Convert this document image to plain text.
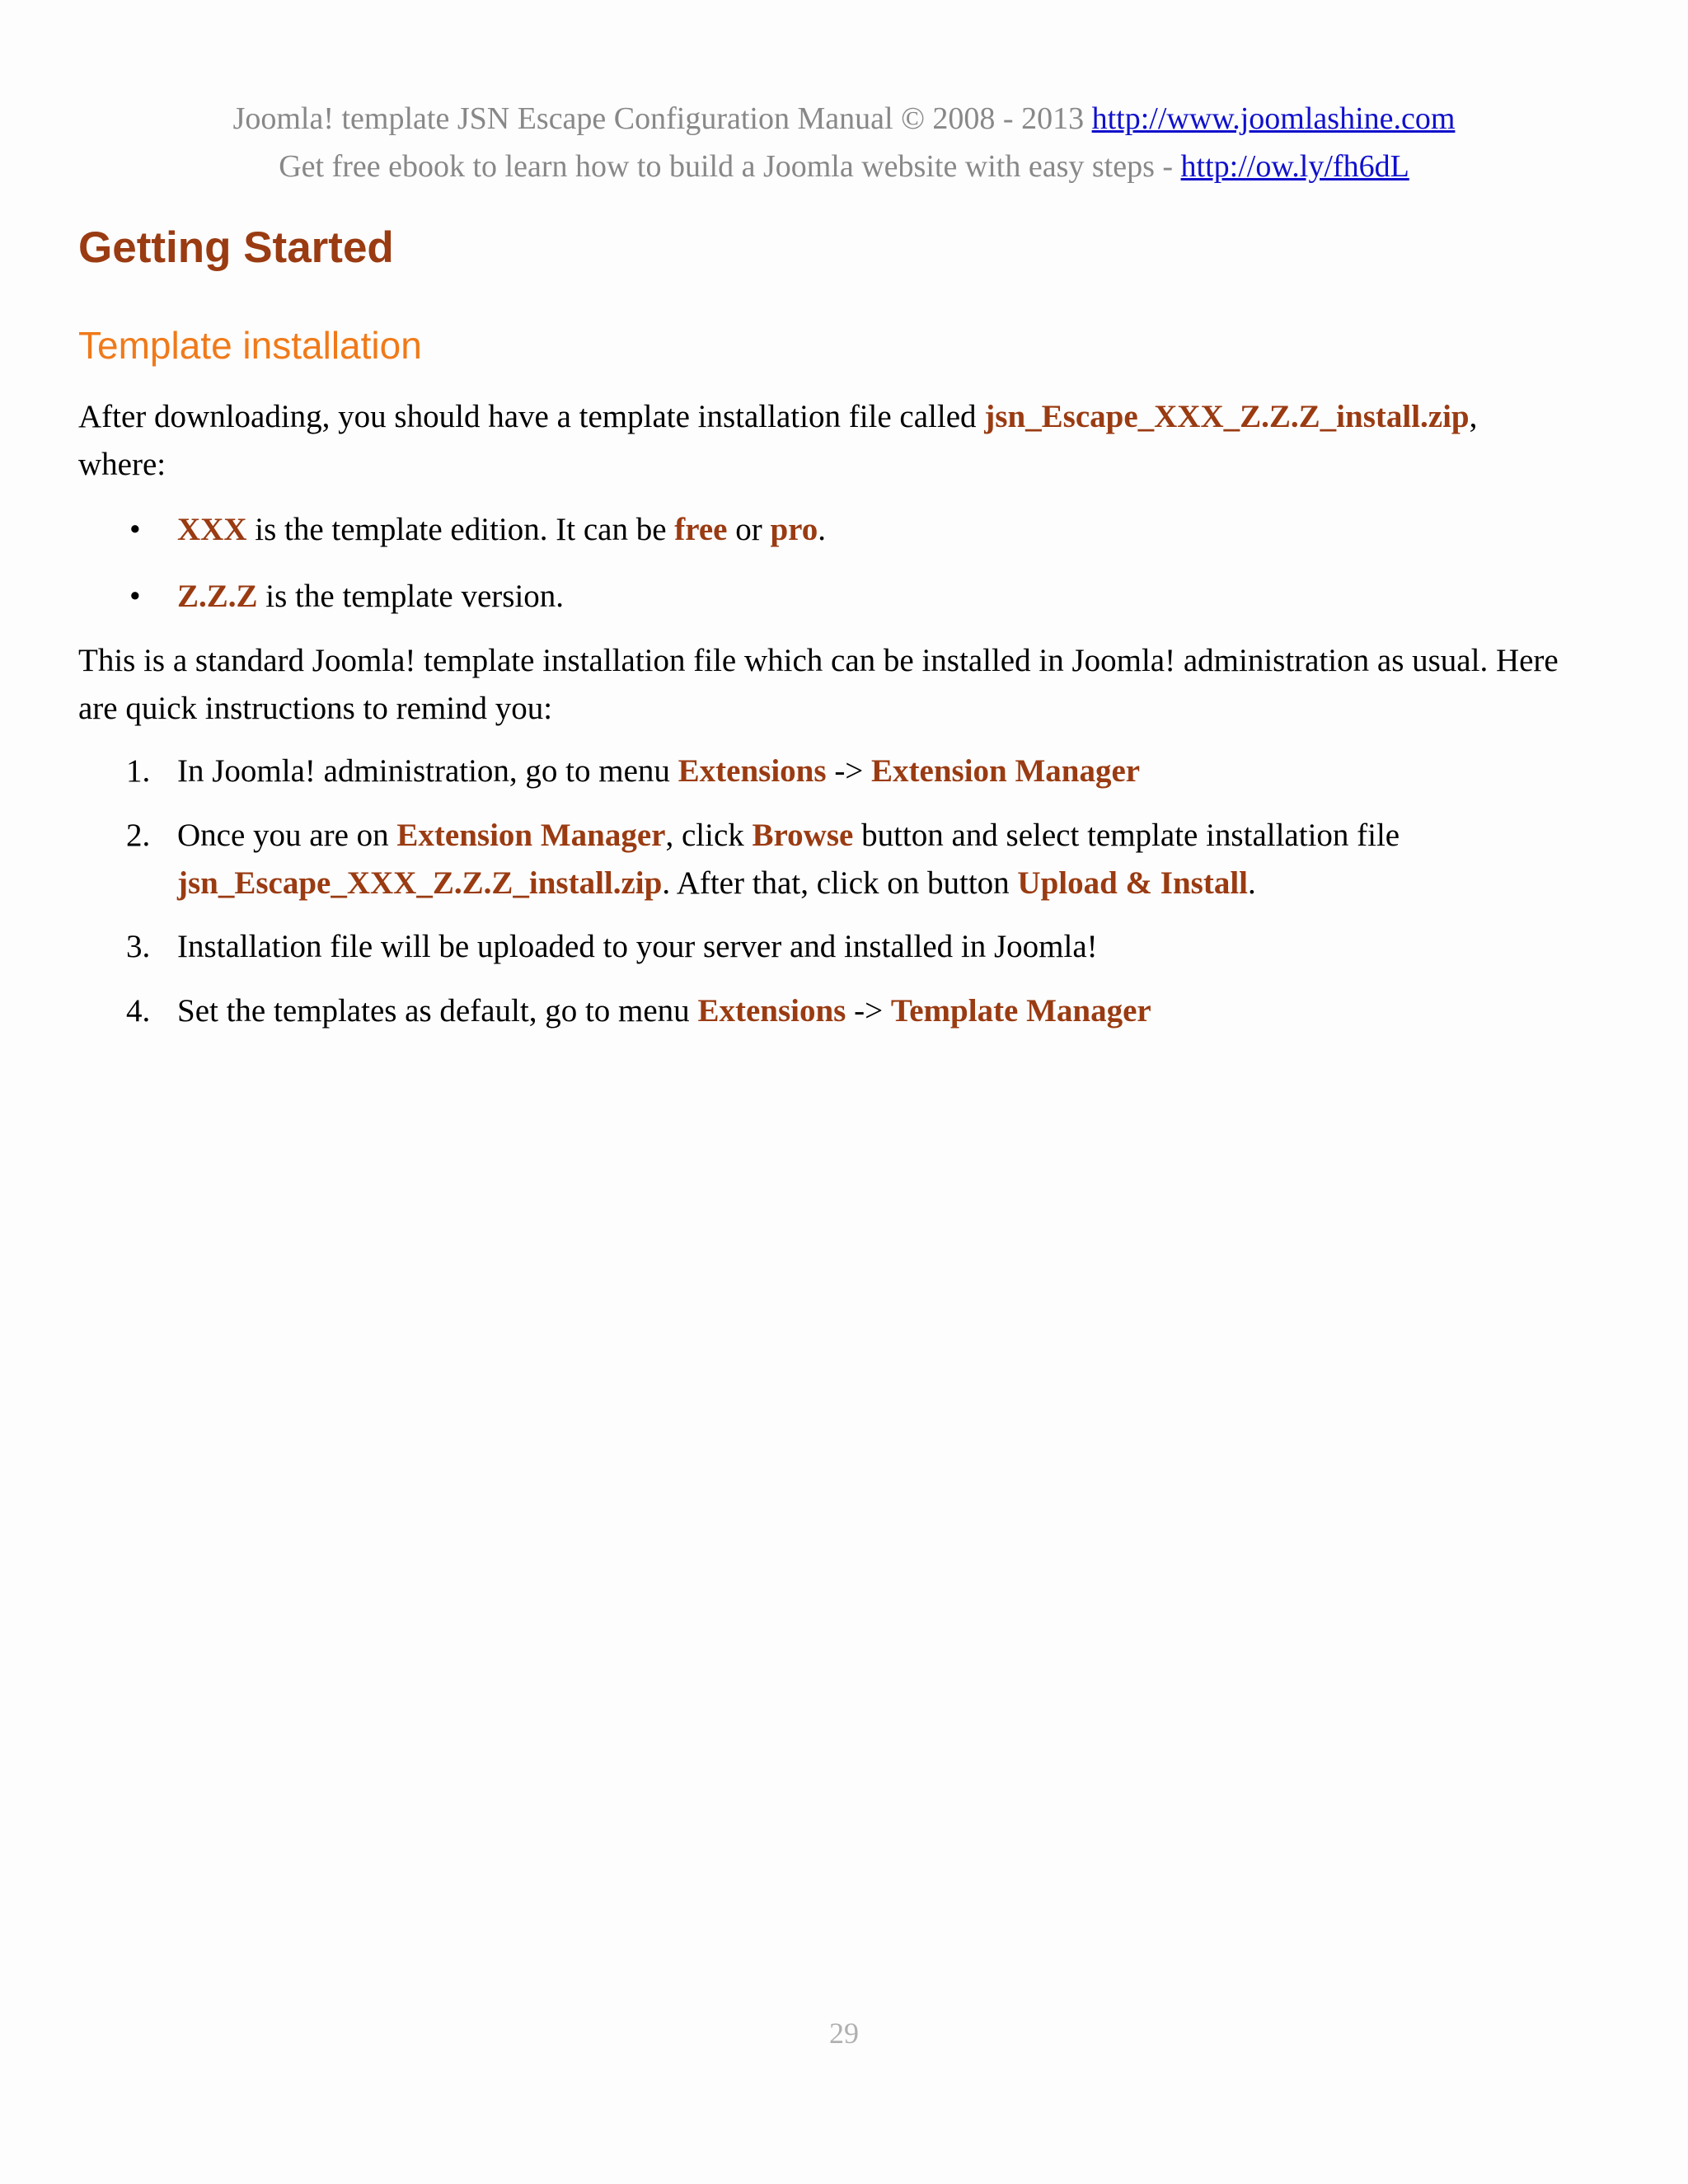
Joomla! template JSN Escape Configuration Manual © 2008 - 2013 http://www.joomlashine.com
Get free ebook to learn how to build a Joomla website with easy steps - http://ow.ly/fh6dL
Getting Started
Template installation

After downloading, you should have a template installation file called jsn_Escape_XXX_Z.Z.Z_install.zip,
where:

• XXX is the template edition. It can be free or pro.
• Z.Z.Z is the template version.

This is a standard Joomla! template installation file which can be installed in Joomla! administration as usual. Here
are quick instructions to remind you:

1. In Joomla! administration, go to menu Extensions -> Extension Manager
2. Once you are on Extension Manager, click Browse button and select template installation file
jsn_Escape_XXX_Z.Z.Z_install.zip. After that, click on button Upload & Install.
3. Installation file will be uploaded to your server and installed in Joomla!
4. Set the templates as default, go to menu Extensions -> Template Manager
29
